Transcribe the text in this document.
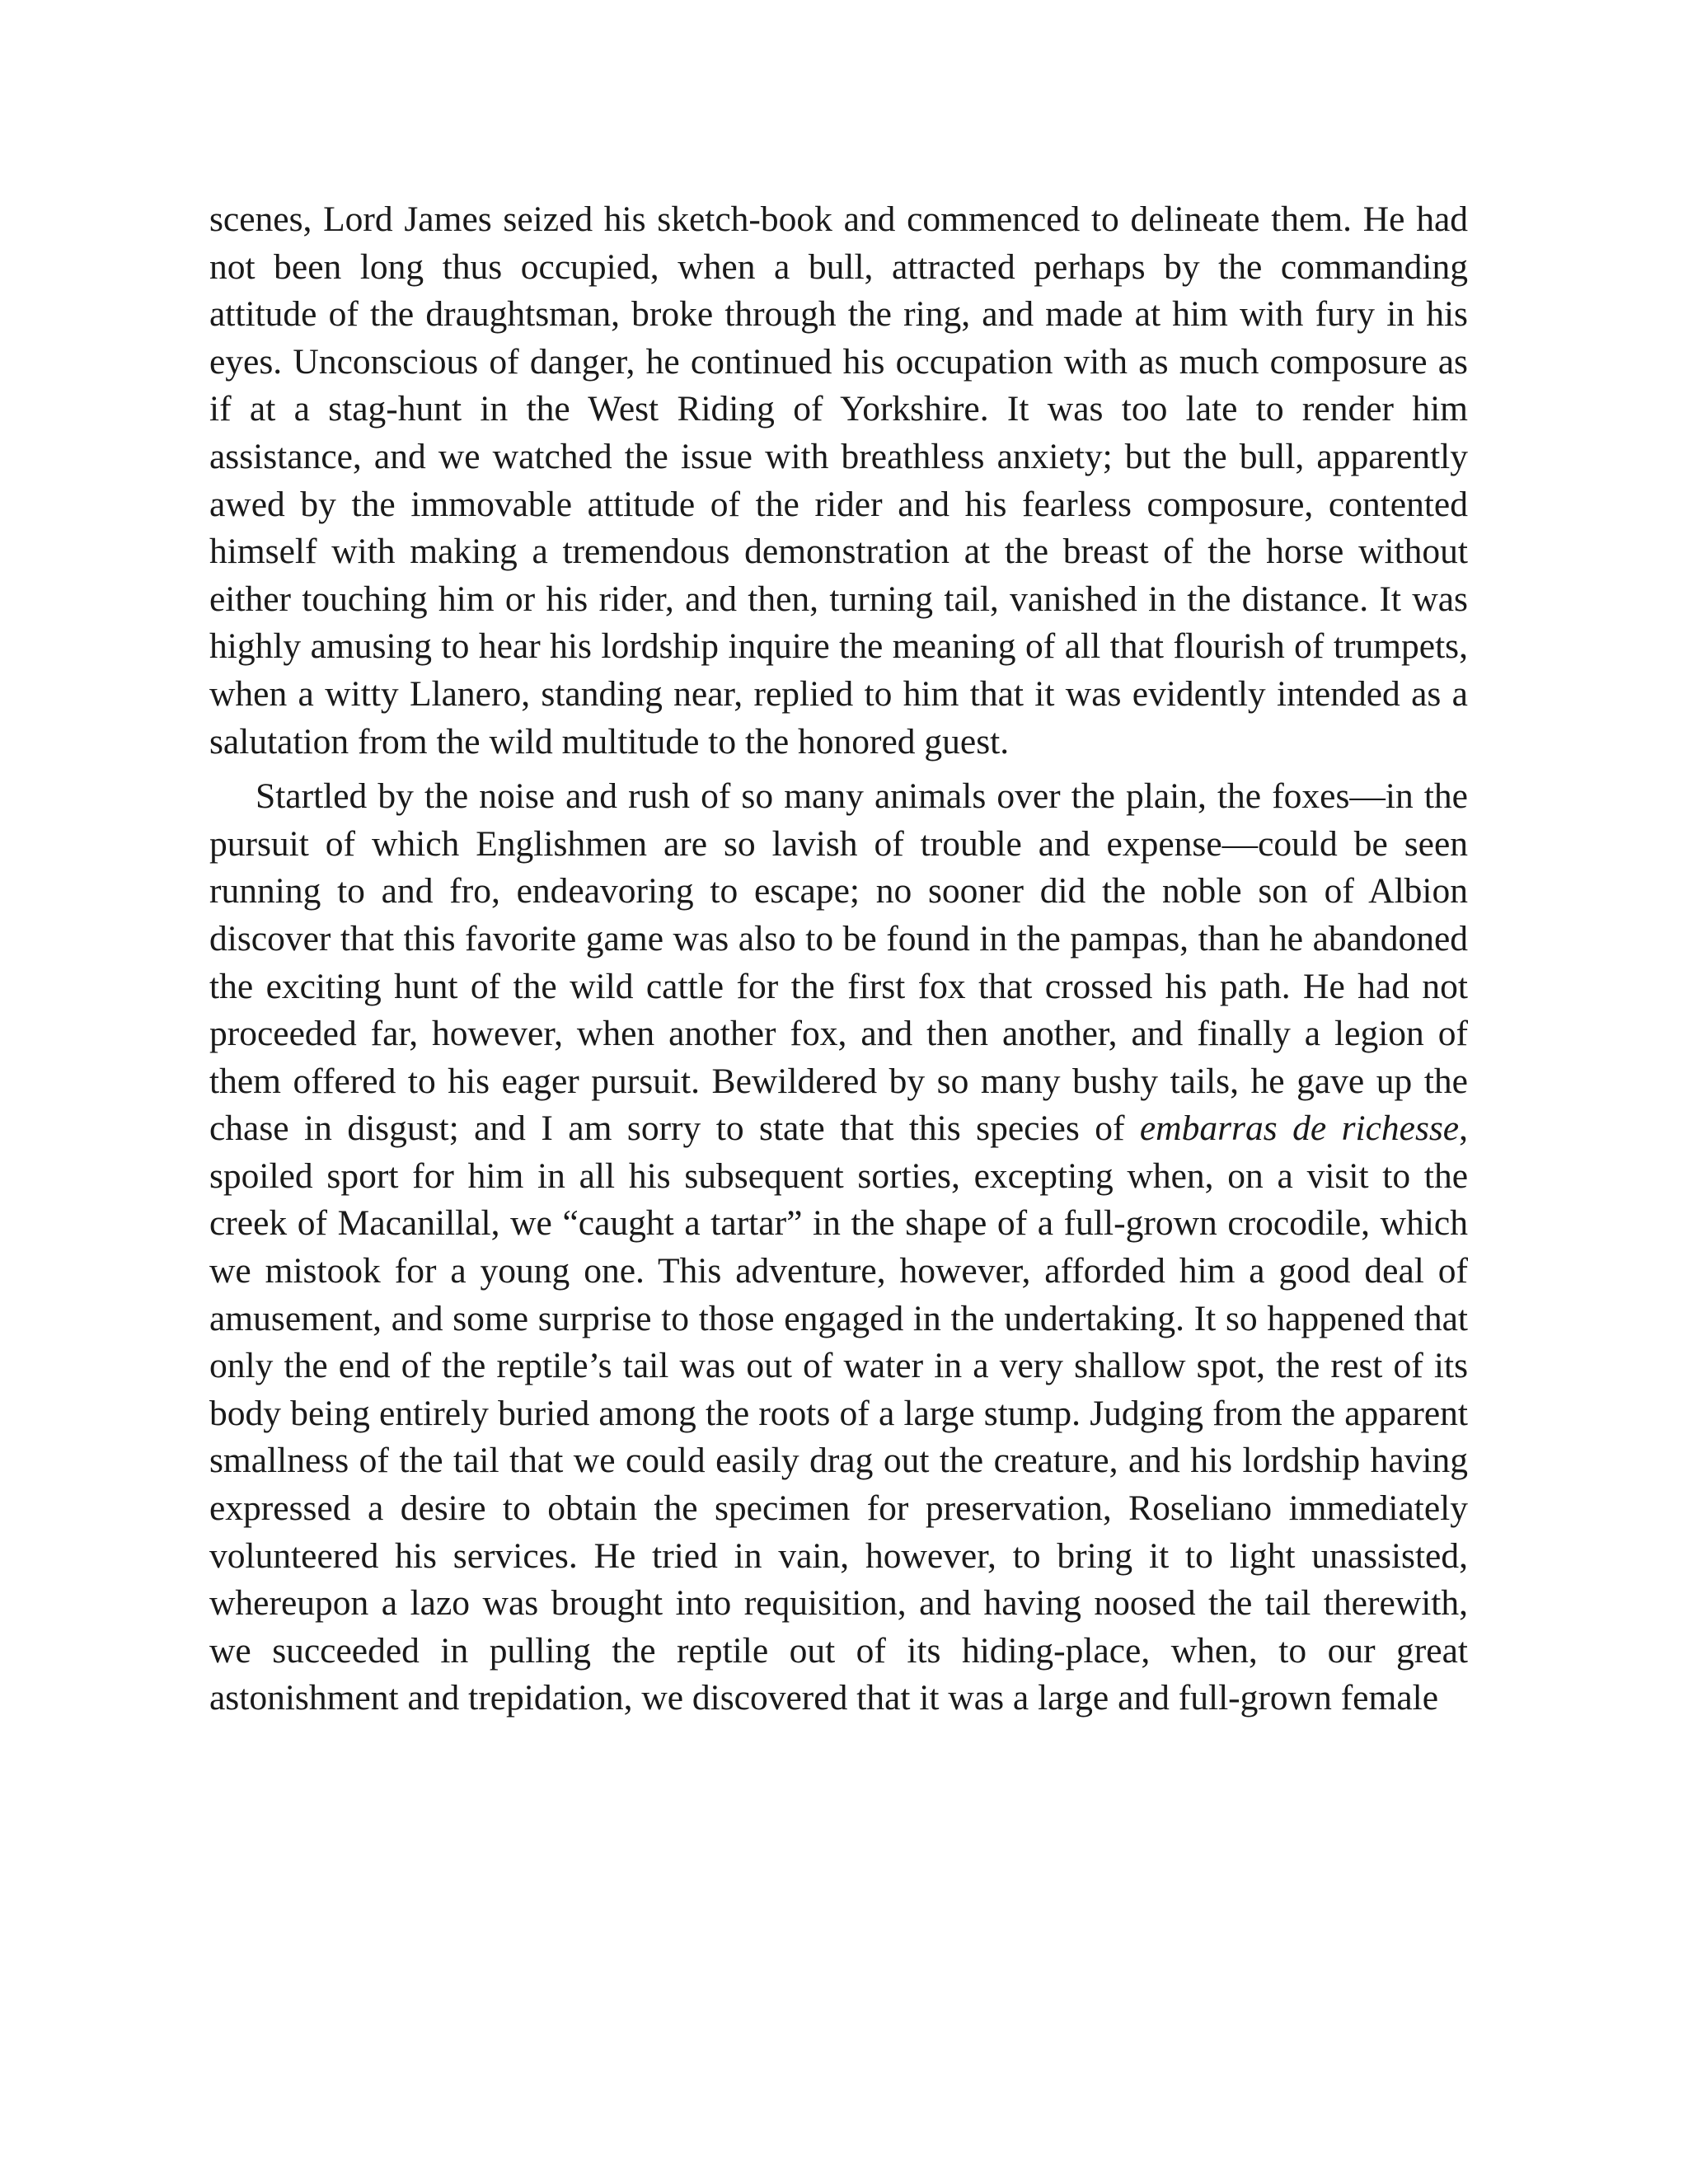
scenes, Lord James seized his sketch-book and commenced to delineate them. He had not been long thus occupied, when a bull, attracted perhaps by the commanding attitude of the draughtsman, broke through the ring, and made at him with fury in his eyes. Unconscious of danger, he continued his occupation with as much composure as if at a stag-hunt in the West Riding of Yorkshire. It was too late to render him assistance, and we watched the issue with breathless anxiety; but the bull, apparently awed by the immovable attitude of the rider and his fearless composure, contented himself with making a tremendous demonstration at the breast of the horse without either touching him or his rider, and then, turning tail, vanished in the distance. It was highly amusing to hear his lordship inquire the meaning of all that flourish of trumpets, when a witty Llanero, standing near, replied to him that it was evidently intended as a salutation from the wild multitude to the honored guest.

Startled by the noise and rush of so many animals over the plain, the foxes—in the pursuit of which Englishmen are so lavish of trouble and expense—could be seen running to and fro, endeavoring to escape; no sooner did the noble son of Albion discover that this favorite game was also to be found in the pampas, than he abandoned the exciting hunt of the wild cattle for the first fox that crossed his path. He had not proceeded far, however, when another fox, and then another, and finally a legion of them offered to his eager pursuit. Bewildered by so many bushy tails, he gave up the chase in disgust; and I am sorry to state that this species of embarras de richesse, spoiled sport for him in all his subsequent sorties, excepting when, on a visit to the creek of Macanillal, we “caught a tartar” in the shape of a full-grown crocodile, which we mistook for a young one. This adventure, however, afforded him a good deal of amusement, and some surprise to those engaged in the undertaking. It so happened that only the end of the reptile’s tail was out of water in a very shallow spot, the rest of its body being entirely buried among the roots of a large stump. Judging from the apparent smallness of the tail that we could easily drag out the creature, and his lordship having expressed a desire to obtain the specimen for preservation, Roseliano immediately volunteered his services. He tried in vain, however, to bring it to light unassisted, whereupon a lazo was brought into requisition, and having noosed the tail therewith, we succeeded in pulling the reptile out of its hiding-place, when, to our great astonishment and trepidation, we discovered that it was a large and full-grown female
